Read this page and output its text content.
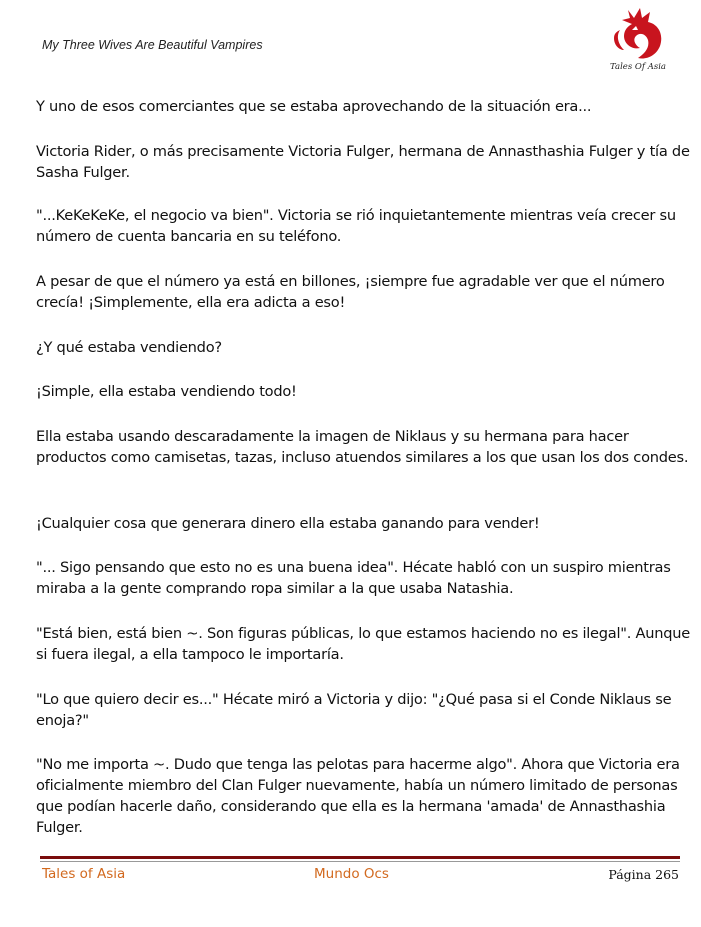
My Three Wives Are Beautiful Vampires
Tales Of Asia

Y uno de esos comerciantes que se estaba aprovechando de la situación era...

Victoria Rider, o más precisamente Victoria Fulger, hermana de Annasthashia Fulger y tía de Sasha Fulger.

"...KeKeKeKe, el negocio va bien". Victoria se rió inquietantemente mientras veía crecer su número de cuenta bancaria en su teléfono.

A pesar de que el número ya está en billones, ¡siempre fue agradable ver que el número crecía! ¡Simplemente, ella era adicta a eso!

¿Y qué estaba vendiendo?

¡Simple, ella estaba vendiendo todo!

Ella estaba usando descaradamente la imagen de Niklaus y su hermana para hacer productos como camisetas, tazas, incluso atuendos similares a los que usan los dos condes.

¡Cualquier cosa que generara dinero ella estaba ganando para vender!

"... Sigo pensando que esto no es una buena idea". Hécate habló con un suspiro mientras miraba a la gente comprando ropa similar a la que usaba Natashia.

"Está bien, está bien ~. Son figuras públicas, lo que estamos haciendo no es ilegal". Aunque si fuera ilegal, a ella tampoco le importaría.

"Lo que quiero decir es..." Hécate miró a Victoria y dijo: "¿Qué pasa si el Conde Niklaus se enoja?"

"No me importa ~. Dudo que tenga las pelotas para hacerme algo". Ahora que Victoria era oficialmente miembro del Clan Fulger nuevamente, había un número limitado de personas que podían hacerle daño, considerando que ella es la hermana 'amada' de Annasthashia Fulger.

Tales of Asia	Mundo Ocs	Página 265
